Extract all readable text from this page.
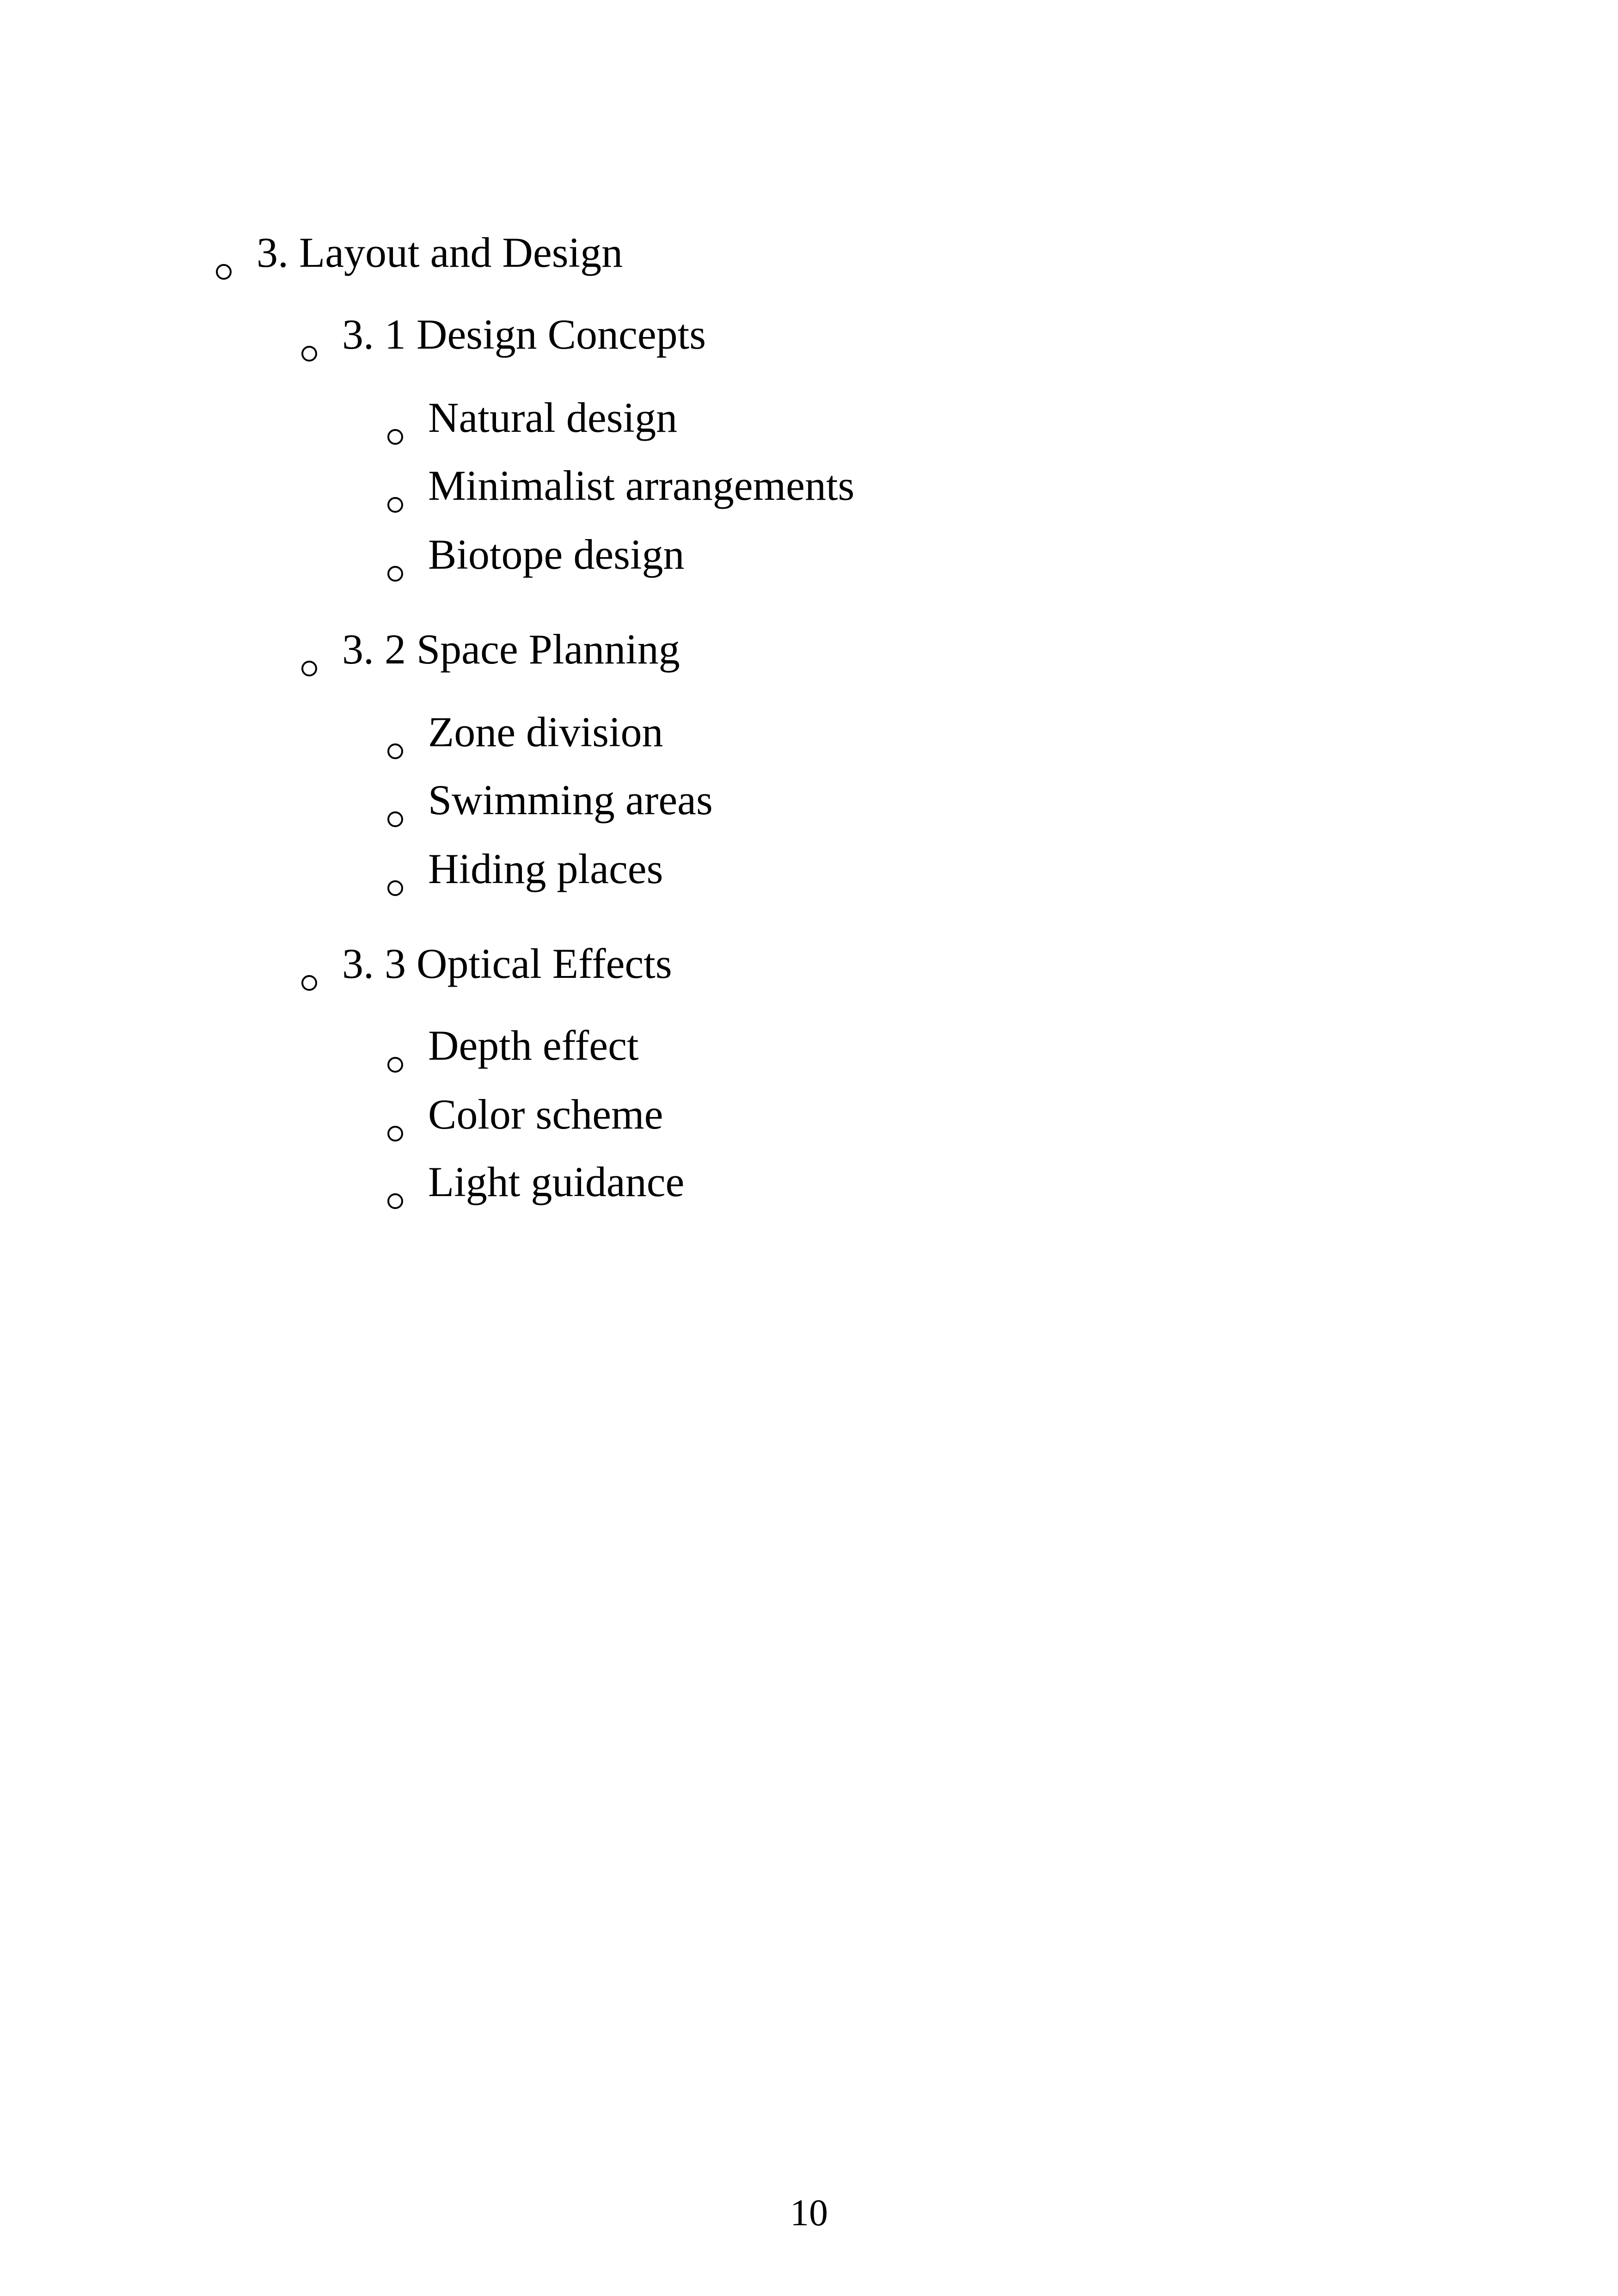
3. Layout and Design
3. 1 Design Concepts
Natural design
Minimalist arrangements
Biotope design
3. 2 Space Planning
Zone division
Swimming areas
Hiding places
3. 3 Optical Effects
Depth effect
Color scheme
Light guidance
10
